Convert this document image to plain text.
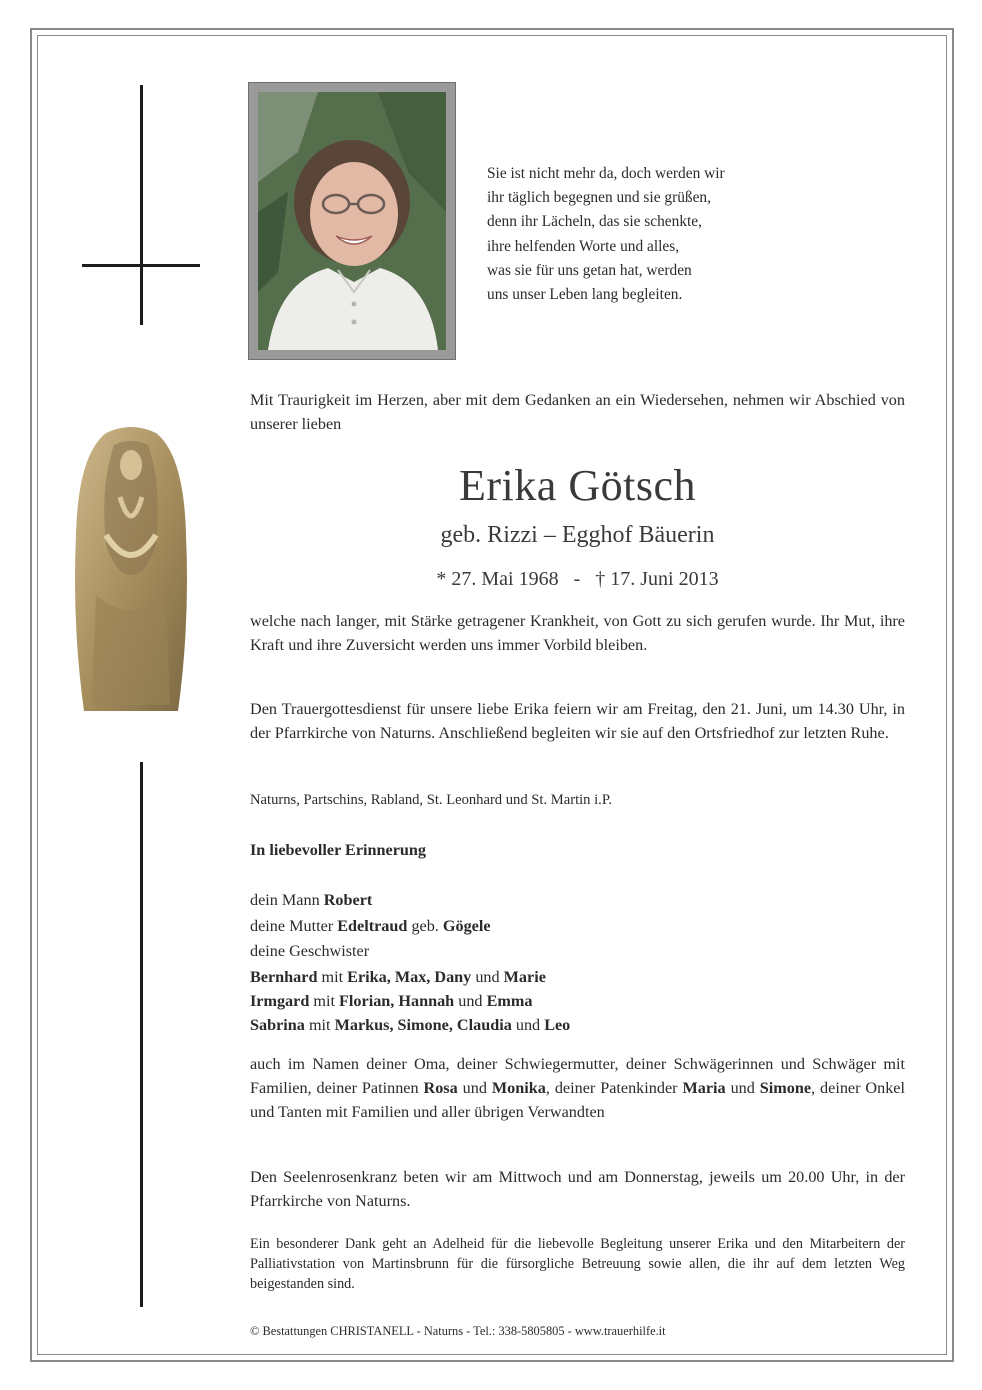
Sie ist nicht mehr da, doch werden wir
ihr täglich begegnen und sie grüßen,
denn ihr Lächeln, das sie schenkte,
ihre helfenden Worte und alles,
was sie für uns getan hat, werden
uns unser Leben lang begleiten.
Mit Traurigkeit im Herzen, aber mit dem Gedanken an ein Wiedersehen, nehmen wir Abschied von unserer lieben
Erika Götsch
geb. Rizzi – Egghof Bäuerin
* 27. Mai 1968   -   † 17. Juni 2013
welche nach langer, mit Stärke getragener Krankheit, von Gott zu sich gerufen wurde. Ihr Mut, ihre Kraft und ihre Zuversicht werden uns immer Vorbild bleiben.
Den Trauergottesdienst für unsere liebe Erika feiern wir am Freitag, den 21. Juni, um 14.30 Uhr, in der Pfarrkirche von Naturns. Anschließend begleiten wir sie auf den Ortsfriedhof zur letzten Ruhe.
Naturns, Partschins, Rabland, St. Leonhard und St. Martin i.P.
In liebevoller Erinnerung
dein Mann Robert
deine Mutter Edeltraud geb. Gögele
deine Geschwister
Bernhard mit Erika, Max, Dany und Marie
Irmgard mit Florian, Hannah und Emma
Sabrina mit Markus, Simone, Claudia und Leo
auch im Namen deiner Oma, deiner Schwiegermutter, deiner Schwägerinnen und Schwäger mit Familien, deiner Patinnen Rosa und Monika, deiner Patenkinder Maria und Simone, deiner Onkel und Tanten mit Familien und aller übrigen Verwandten
Den Seelenrosenkranz beten wir am Mittwoch und am Donnerstag, jeweils um 20.00 Uhr, in der Pfarrkirche von Naturns.
Ein besonderer Dank geht an Adelheid für die liebevolle Begleitung unserer Erika und den Mitarbeitern der Palliativstation von Martinsbrunn für die fürsorgliche Betreuung sowie allen, die ihr auf dem letzten Weg beigestanden sind.
© Bestattungen CHRISTANELL - Naturns - Tel.: 338-5805805 - www.trauerhilfe.it
